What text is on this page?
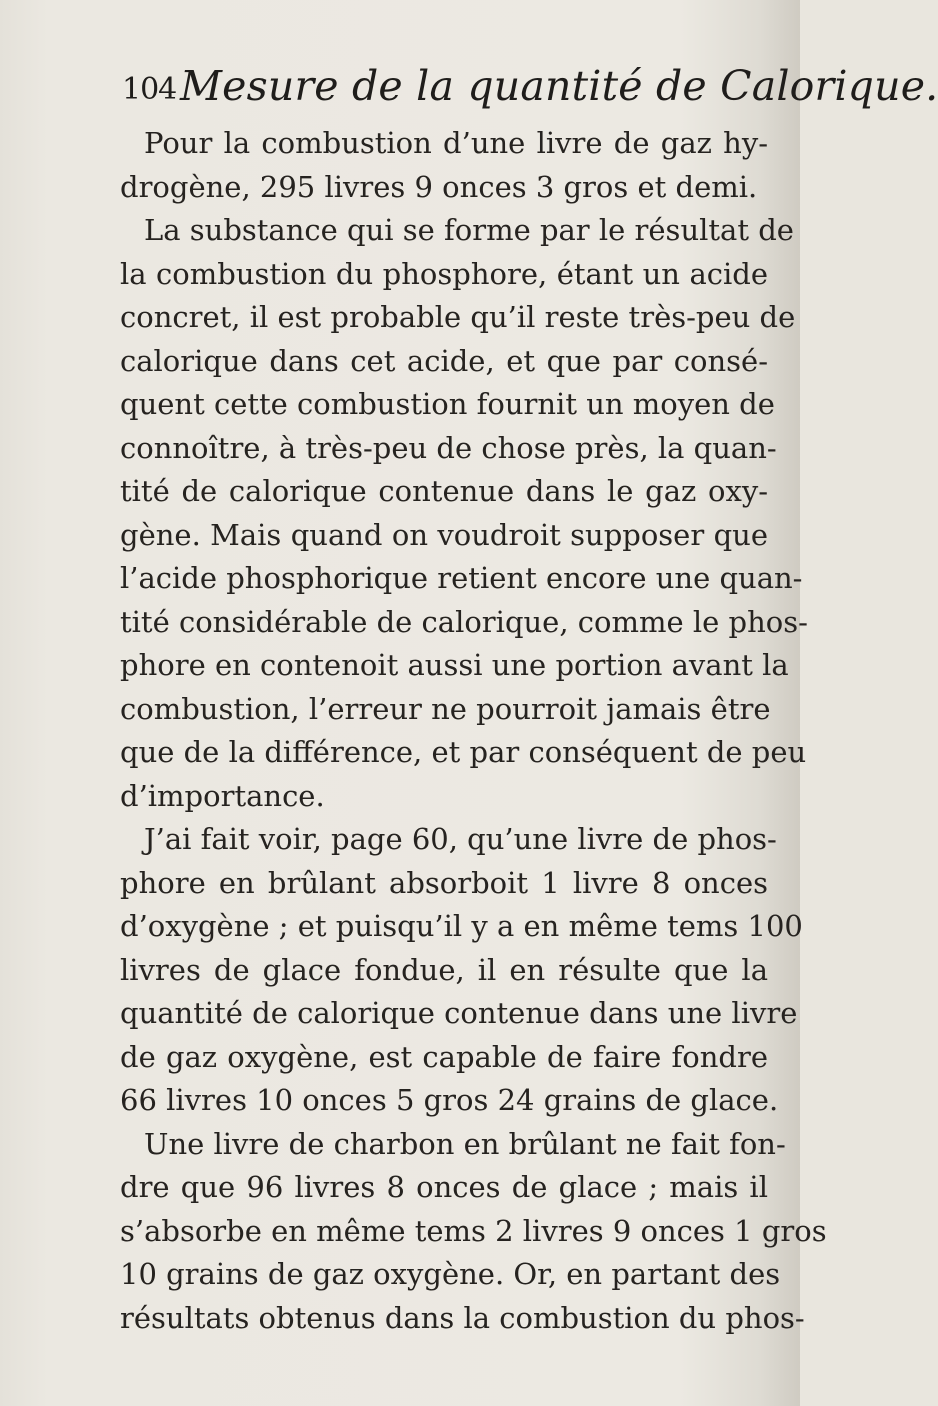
104 Mesure de la quantité de Calorique.
Pour la combustion d’une livre de gaz hy-
drogène, 295 livres 9 onces 3 gros et demi.
La substance qui se forme par le résultat de
la combustion du phosphore, étant un acide
concret, il est probable qu’il reste très-peu de
calorique dans cet acide, et que par consé-
quent cette combustion fournit un moyen de
connoître, à très-peu de chose près, la quan-
tité de calorique contenue dans le gaz oxy-
gène. Mais quand on voudroit supposer que
l’acide phosphorique retient encore une quan-
tité considérable de calorique, comme le phos-
phore en contenoit aussi une portion avant la
combustion, l’erreur ne pourroit jamais être
que de la différence, et par conséquent de peu
d’importance.
J’ai fait voir, page 60, qu’une livre de phos-
phore en brûlant absorboit 1 livre 8 onces
d’oxygène ; et puisqu’il y a en même tems 100
livres de glace fondue, il en résulte que la
quantité de calorique contenue dans une livre
de gaz oxygène, est capable de faire fondre
66 livres 10 onces 5 gros 24 grains de glace.
Une livre de charbon en brûlant ne fait fon-
dre que 96 livres 8 onces de glace ; mais il
s’absorbe en même tems 2 livres 9 onces 1 gros
10 grains de gaz oxygène. Or, en partant des
résultats obtenus dans la combustion du phos-
